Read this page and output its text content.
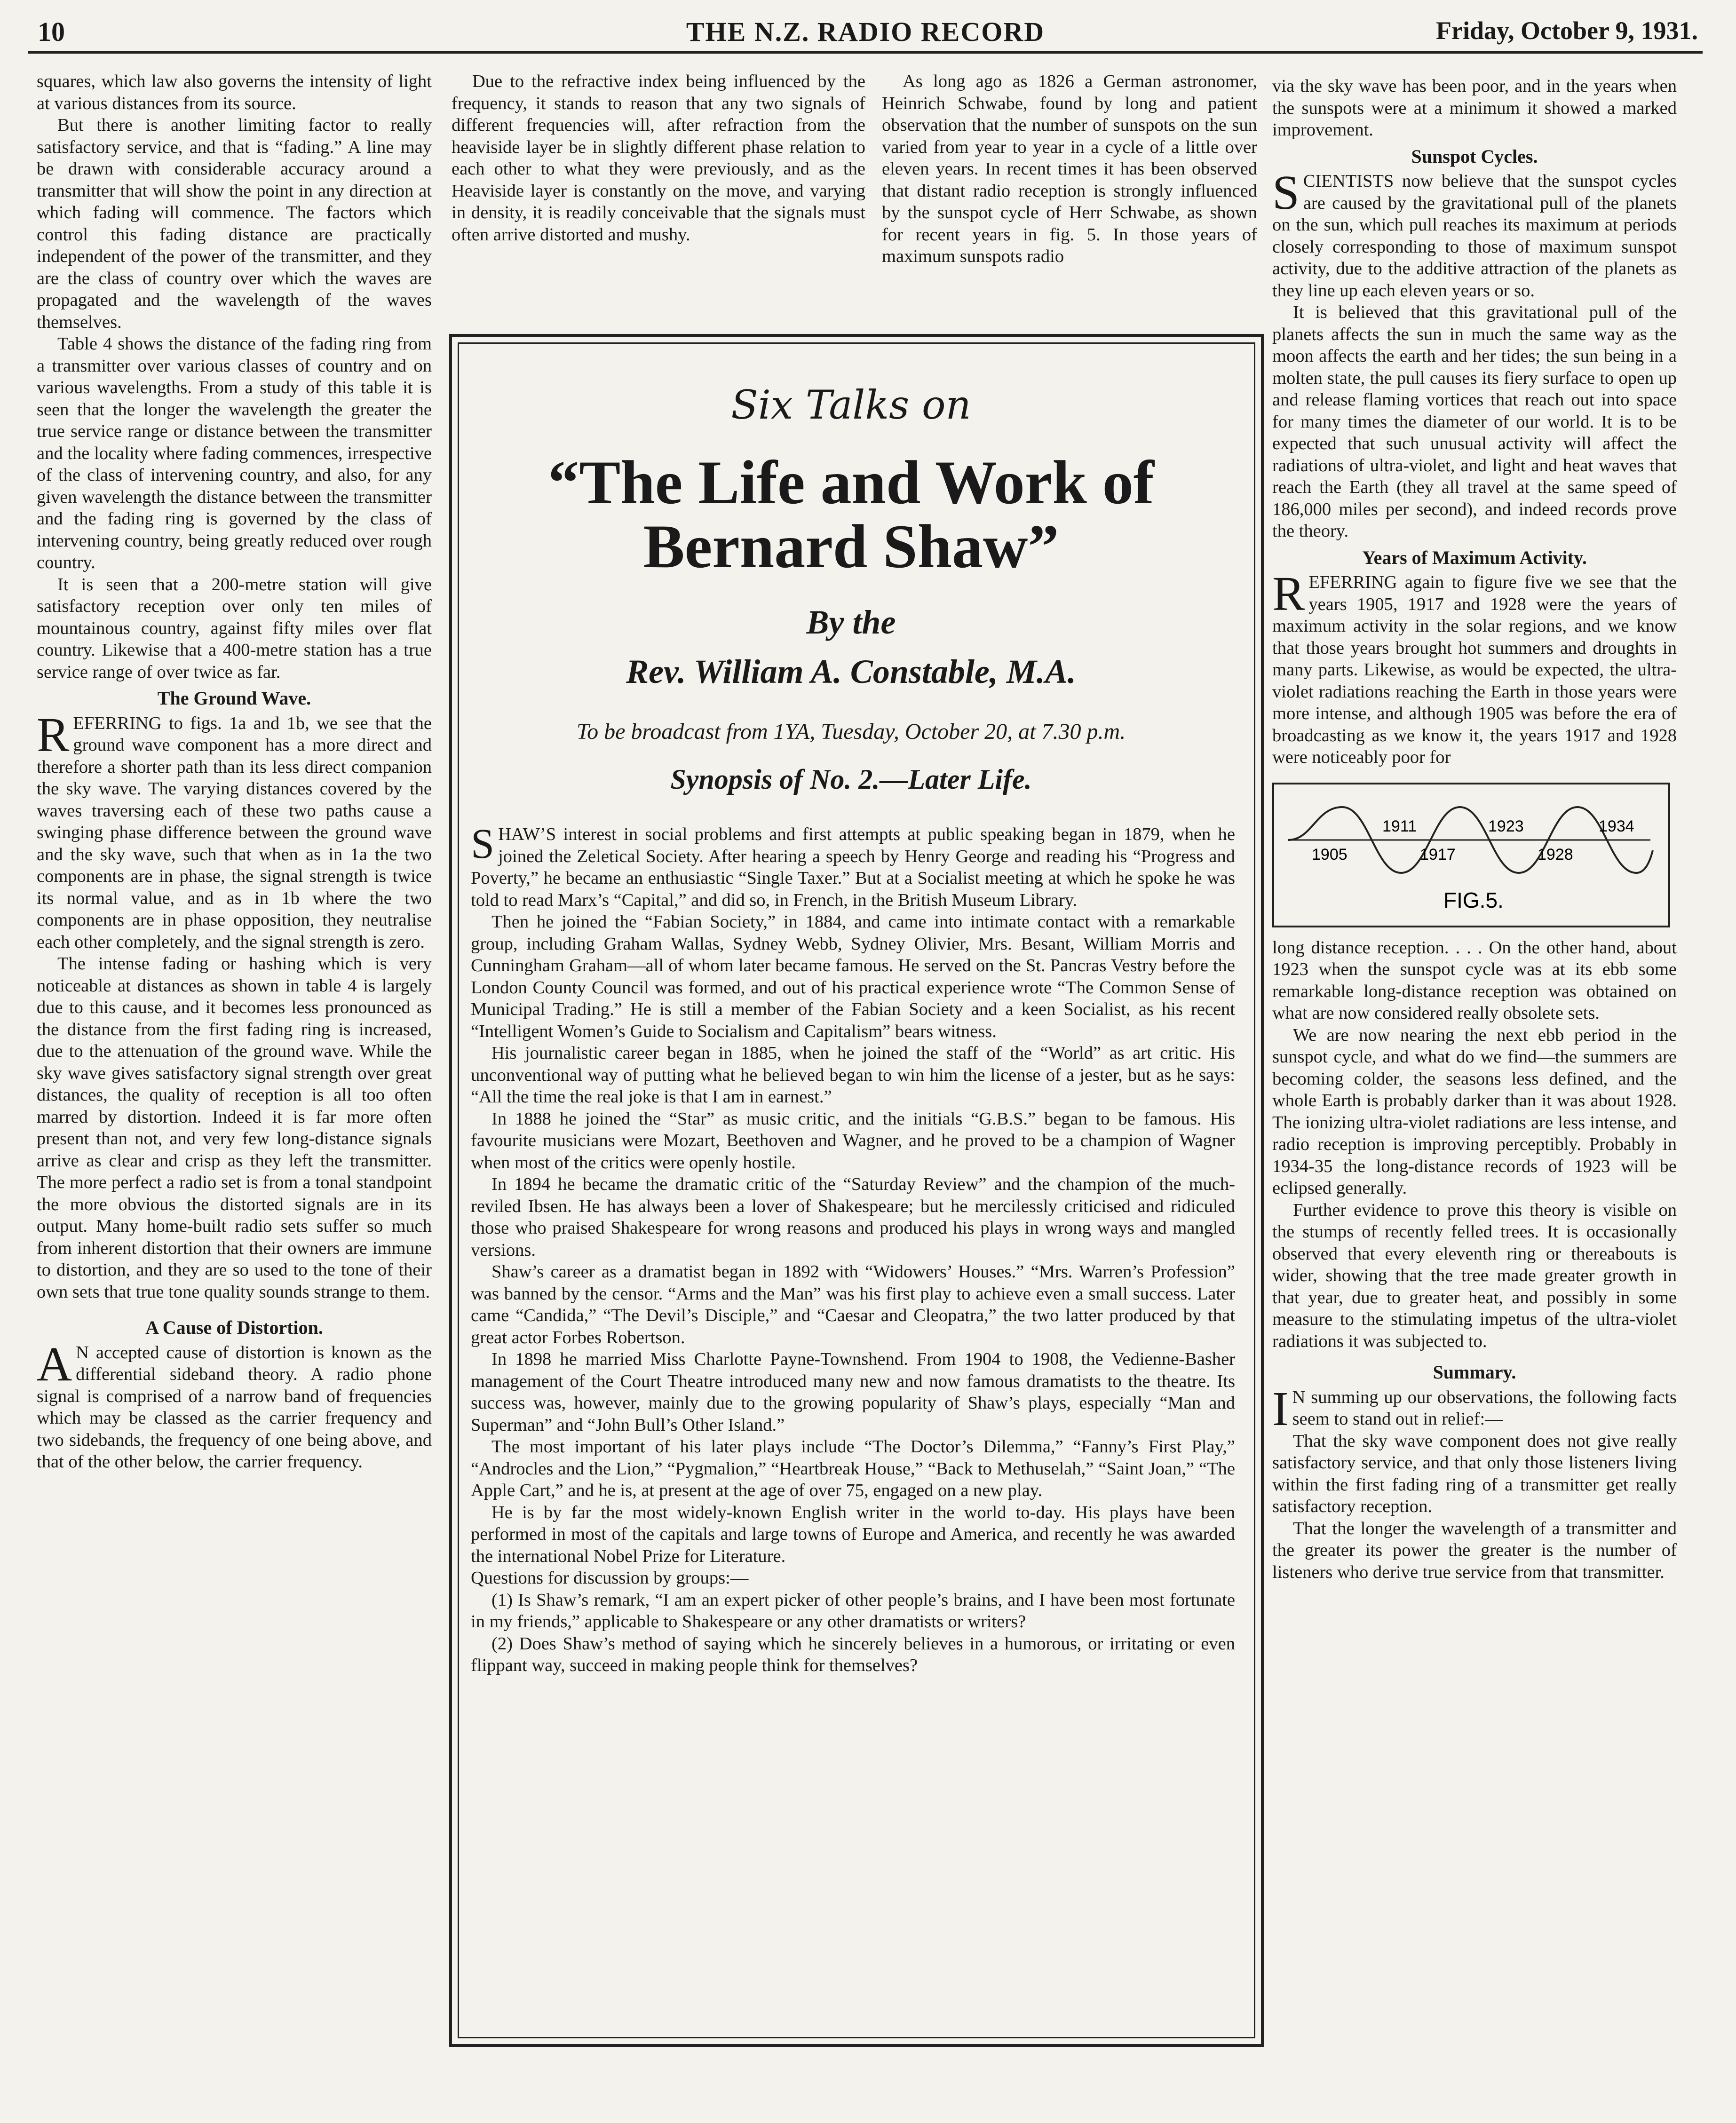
10	THE N.Z. RADIO RECORD	Friday, October 9, 1931.

squares, which law also governs the intensity of light at various distances from its source.

But there is another limiting factor to really satisfactory service, and that is “fading.” A line may be drawn with considerable accuracy around a transmitter that will show the point in any direction at which fading will commence. The factors which control this fading distance are practically independent of the power of the transmitter, and they are the class of country over which the waves are propagated and the wavelength of the waves themselves.

Table 4 shows the distance of the fading ring from a transmitter over various classes of country and on various wavelengths. From a study of this table it is seen that the longer the wavelength the greater the true service range or distance between the transmitter and the locality where fading commences, irrespective of the class of intervening country, and also, for any given wavelength the distance between the transmitter and the fading ring is governed by the class of intervening country, being greatly reduced over rough country.

It is seen that a 200-metre station will give satisfactory reception over only ten miles of mountainous country, against fifty miles over flat country. Likewise that a 400-metre station has a true service range of over twice as far.

The Ground Wave.

REFERRING to figs. 1a and 1b, we see that the ground wave component has a more direct and therefore a shorter path than its less direct companion the sky wave. The varying distances covered by the waves traversing each of these two paths cause a swinging phase difference between the ground wave and the sky wave, such that when as in 1a the two components are in phase, the signal strength is twice its normal value, and as in 1b where the two components are in phase opposition, they neutralise each other completely, and the signal strength is zero.

The intense fading or hashing which is very noticeable at distances as shown in table 4 is largely due to this cause, and it becomes less pronounced as the distance from the first fading ring is increased, due to the attenuation of the ground wave. While the sky wave gives satisfactory signal strength over great distances, the quality of reception is all too often marred by distortion. Indeed it is far more often present than not, and very few long-distance signals arrive as clear and crisp as they left the transmitter. The more perfect a radio set is from a tonal standpoint the more obvious the distorted signals are in its output. Many home-built radio sets suffer so much from inherent distortion that their owners are immune to distortion, and they are so used to the tone of their own sets that true tone quality sounds strange to them.

A Cause of Distortion.

A N accepted cause of distortion is known as the differential sideband theory. A radio phone signal is comprised of a narrow band of frequencies which may be classed as the carrier frequency and two sidebands, the frequency of one being above, and that of the other below, the carrier frequency.

Due to the refractive index being influenced by the frequency, it stands to reason that any two signals of different frequencies will, after refraction from the heaviside layer be in slightly different phase relation to each other to what they were previously, and as the Heaviside layer is constantly on the move, and varying in density, it is readily conceivable that the signals must often arrive distorted and mushy.

As long ago as 1826 a German astronomer, Heinrich Schwabe, found by long and patient observation that the number of sunspots on the sun varied from year to year in a cycle of a little over eleven years. In recent times it has been observed that distant radio reception is strongly influenced by the sunspot cycle of Herr Schwabe, as shown for recent years in fig. 5. In those years of maximum sunspots radio

Six Talks on
“The Life and Work of
Bernard Shaw”
By the
Rev. William A. Constable, M.A.
To be broadcast from 1YA, Tuesday, October 20, at 7.30 p.m.
Synopsis of No. 2.—Later Life.

SHAW’S interest in social problems and first attempts at public speaking began in 1879, when he joined the Zeletical Society. After hearing a speech by Henry George and reading his “Progress and Poverty,” he became an enthusiastic “Single Taxer.” But at a Socialist meeting at which he spoke he was told to read Marx’s “Capital,” and did so, in French, in the British Museum Library.

Then he joined the “Fabian Society,” in 1884, and came into intimate contact with a remarkable group, including Graham Wallas, Sydney Webb, Sydney Olivier, Mrs. Besant, William Morris and Cunningham Graham—all of whom later became famous. He served on the St. Pancras Vestry before the London County Council was formed, and out of his practical experience wrote “The Common Sense of Municipal Trading.” He is still a member of the Fabian Society and a keen Socialist, as his recent “Intelligent Women’s Guide to Socialism and Capitalism” bears witness.

His journalistic career began in 1885, when he joined the staff of the “World” as art critic. His unconventional way of putting what he believed began to win him the license of a jester, but as he says: “All the time the real joke is that I am in earnest.”

In 1888 he joined the “Star” as music critic, and the initials “G.B.S.” began to be famous. His favourite musicians were Mozart, Beethoven and Wagner, and he proved to be a champion of Wagner when most of the critics were openly hostile.

In 1894 he became the dramatic critic of the “Saturday Review” and the champion of the much-reviled Ibsen. He has always been a lover of Shakespeare; but he mercilessly criticised and ridiculed those who praised Shakespeare for wrong reasons and produced his plays in wrong ways and mangled versions.

Shaw’s career as a dramatist began in 1892 with “Widowers’ Houses.” “Mrs. Warren’s Profession” was banned by the censor. “Arms and the Man” was his first play to achieve even a small success. Later came “Candida,” “The Devil’s Disciple,” and “Caesar and Cleopatra,” the two latter produced by that great actor Forbes Robertson.

In 1898 he married Miss Charlotte Payne-Townshend. From 1904 to 1908, the Vedienne-Basher management of the Court Theatre introduced many new and now famous dramatists to the theatre. Its success was, however, mainly due to the growing popularity of Shaw’s plays, especially “Man and Superman” and “John Bull’s Other Island.”

The most important of his later plays include “The Doctor’s Dilemma,” “Fanny’s First Play,” “Androcles and the Lion,” “Pygmalion,” “Heartbreak House,” “Back to Methuselah,” “Saint Joan,” “The Apple Cart,” and he is, at present at the age of over 75, engaged on a new play.

He is by far the most widely-known English writer in the world to-day. His plays have been performed in most of the capitals and large towns of Europe and America, and recently he was awarded the international Nobel Prize for Literature.

Questions for discussion by groups:—

(1) Is Shaw’s remark, “I am an expert picker of other people’s brains, and I have been most fortunate in my friends,” applicable to Shakespeare or any other dramatists or writers?

(2) Does Shaw’s method of saying which he sincerely believes in a humorous, or irritating or even flippant way, succeed in making people think for themselves?

via the sky wave has been poor, and in the years when the sunspots were at a minimum it showed a marked improvement.

Sunspot Cycles.

SCIENTISTS now believe that the sunspot cycles are caused by the gravitational pull of the planets on the sun, which pull reaches its maximum at periods closely corresponding to those of maximum sunspot activity, due to the additive attraction of the planets as they line up each eleven years or so.

It is believed that this gravitational pull of the planets affects the sun in much the same way as the moon affects the earth and her tides; the sun being in a molten state, the pull causes its fiery surface to open up and release flaming vortices that reach out into space for many times the diameter of our world. It is to be expected that such unusual activity will affect the radiations of ultra-violet, and light and heat waves that reach the Earth (they all travel at the same speed of 186,000 miles per second), and indeed records prove the theory.

Years of Maximum Activity.

REFERRING again to figure five we see that the years 1905, 1917 and 1928 were the years of maximum activity in the solar regions, and we know that those years brought hot summers and droughts in many parts. Likewise, as would be expected, the ultra-violet radiations reaching the Earth in those years were more intense, and although 1905 was before the era of broadcasting as we know it, the years 1917 and 1928 were noticeably poor for

1905
1911
1917
1923
1928
1934
FIG.5.

long distance reception. . . . On the other hand, about 1923 when the sunspot cycle was at its ebb some remarkable long-distance reception was obtained on what are now considered really obsolete sets.

We are now nearing the next ebb period in the sunspot cycle, and what do we find—the summers are becoming colder, the seasons less defined, and the whole Earth is probably darker than it was about 1928. The ionizing ultra-violet radiations are less intense, and radio reception is improving perceptibly. Probably in 1934-35 the long-distance records of 1923 will be eclipsed generally.

Further evidence to prove this theory is visible on the stumps of recently felled trees. It is occasionally observed that every eleventh ring or thereabouts is wider, showing that the tree made greater growth in that year, due to greater heat, and possibly in some measure to the stimulating impetus of the ultra-violet radiations it was subjected to.

Summary.

I N summing up our observations, the following facts seem to stand out in relief:—

That the sky wave component does not give really satisfactory service, and that only those listeners living within the first fading ring of a transmitter get really satisfactory reception.

That the longer the wavelength of a transmitter and the greater its power the greater is the number of listeners who derive true service from that transmitter.
